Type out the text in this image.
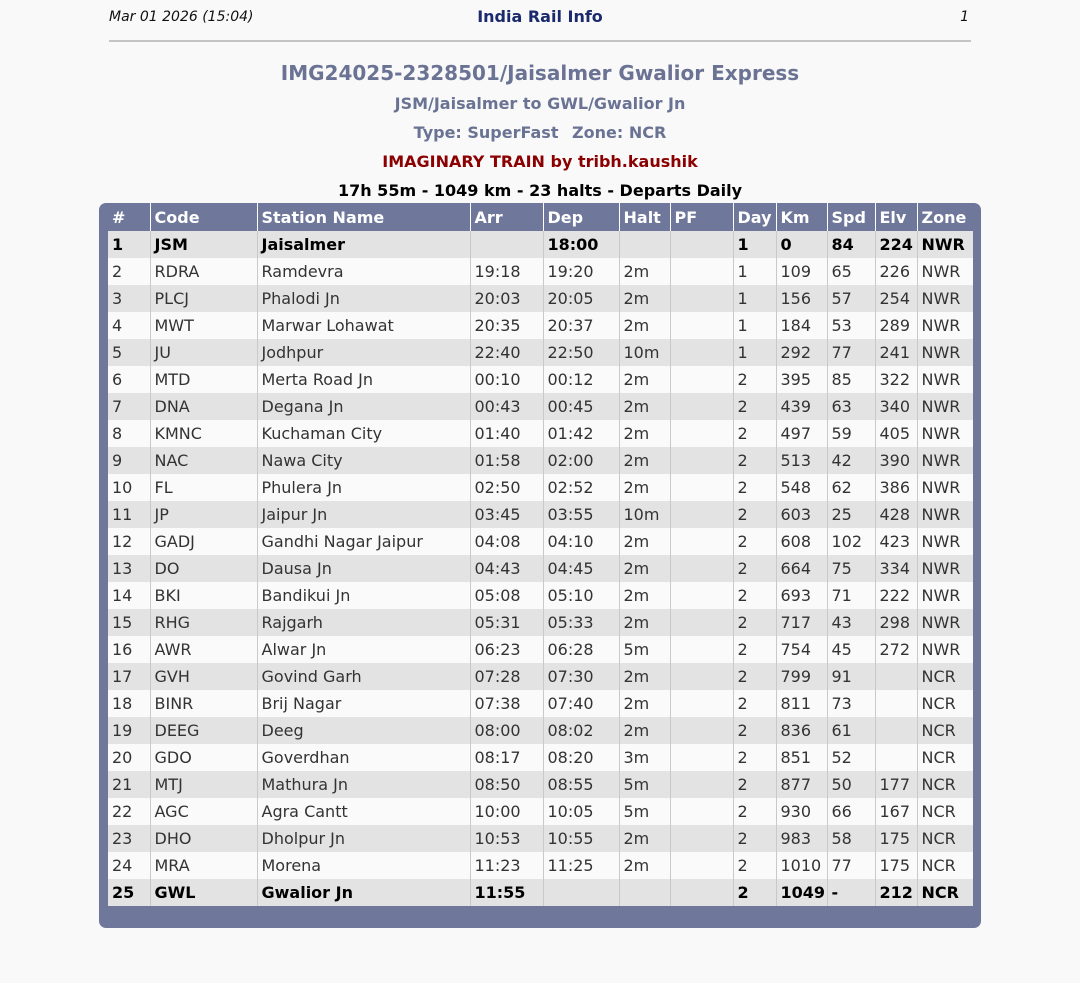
Mar 01 2026 (15:04)	India Rail Info	1
IMG24025-2328501/Jaisalmer Gwalior Express
JSM/Jaisalmer to GWL/Gwalior Jn
Type: SuperFast Zone: NCR
IMAGINARY TRAIN by tribh.kaushik
17h 55m - 1049 km - 23 halts - Departs Daily
#	Code	Station Name	Arr	Dep	Halt	PF	Day	Km	Spd	Elv	Zone
1	JSM	Jaisalmer		18:00			1	0	84	224	NWR
2	RDRA	Ramdevra	19:18	19:20	2m		1	109	65	226	NWR
3	PLCJ	Phalodi Jn	20:03	20:05	2m		1	156	57	254	NWR
4	MWT	Marwar Lohawat	20:35	20:37	2m		1	184	53	289	NWR
5	JU	Jodhpur	22:40	22:50	10m		1	292	77	241	NWR
6	MTD	Merta Road Jn	00:10	00:12	2m		2	395	85	322	NWR
7	DNA	Degana Jn	00:43	00:45	2m		2	439	63	340	NWR
8	KMNC	Kuchaman City	01:40	01:42	2m		2	497	59	405	NWR
9	NAC	Nawa City	01:58	02:00	2m		2	513	42	390	NWR
10	FL	Phulera Jn	02:50	02:52	2m		2	548	62	386	NWR
11	JP	Jaipur Jn	03:45	03:55	10m		2	603	25	428	NWR
12	GADJ	Gandhi Nagar Jaipur	04:08	04:10	2m		2	608	102	423	NWR
13	DO	Dausa Jn	04:43	04:45	2m		2	664	75	334	NWR
14	BKI	Bandikui Jn	05:08	05:10	2m		2	693	71	222	NWR
15	RHG	Rajgarh	05:31	05:33	2m		2	717	43	298	NWR
16	AWR	Alwar Jn	06:23	06:28	5m		2	754	45	272	NWR
17	GVH	Govind Garh	07:28	07:30	2m		2	799	91		NCR
18	BINR	Brij Nagar	07:38	07:40	2m		2	811	73		NCR
19	DEEG	Deeg	08:00	08:02	2m		2	836	61		NCR
20	GDO	Goverdhan	08:17	08:20	3m		2	851	52		NCR
21	MTJ	Mathura Jn	08:50	08:55	5m		2	877	50	177	NCR
22	AGC	Agra Cantt	10:00	10:05	5m		2	930	66	167	NCR
23	DHO	Dholpur Jn	10:53	10:55	2m		2	983	58	175	NCR
24	MRA	Morena	11:23	11:25	2m		2	1010	77	175	NCR
25	GWL	Gwalior Jn	11:55				2	1049	-	212	NCR
